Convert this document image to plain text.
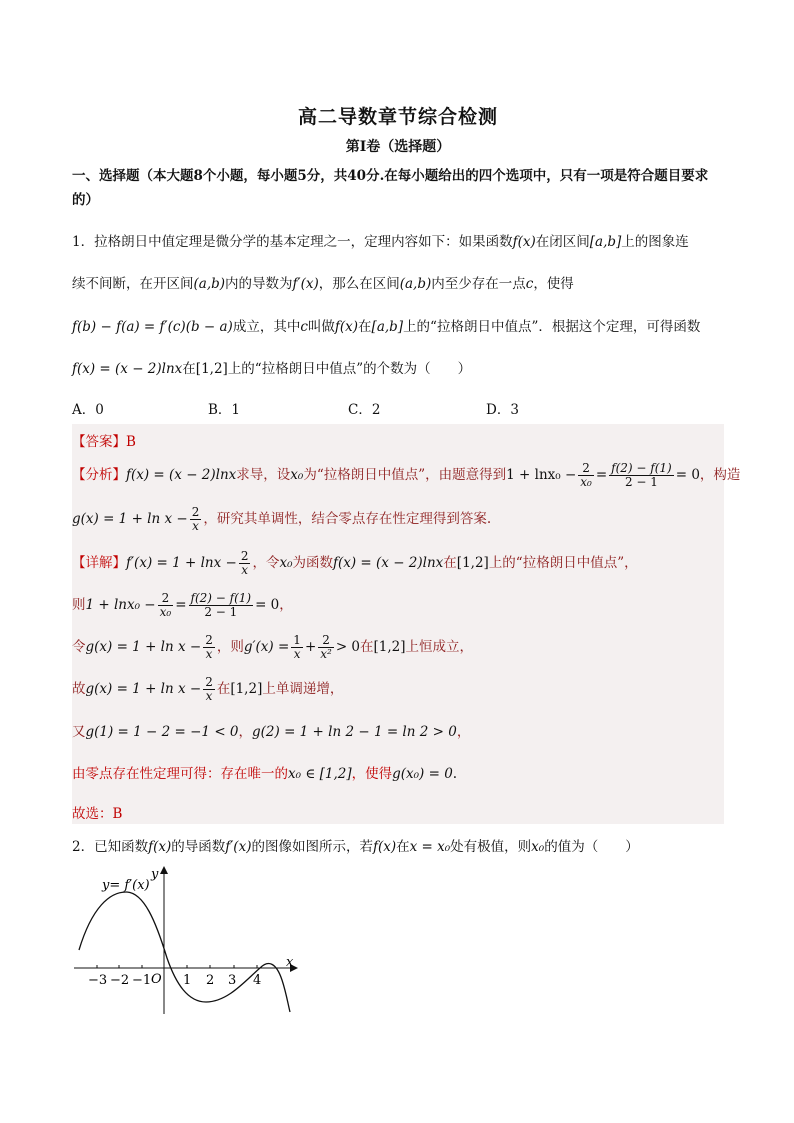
高二导数章节综合检测
第Ⅰ卷（选择题）
一、选择题（本大题8个小题，每小题5分，共40分.在每小题给出的四个选项中，只有一项是符合题目要求的）
1．拉格朗日中值定理是微分学的基本定理之一，定理内容如下：如果函数f(x)在闭区间[a,b]上的图象连
续不间断，在开区间(a,b)内的导数为f′(x)，那么在区间(a,b)内至少存在一点c，使得
f(b) − f(a) = f′(c)(b − a)成立，其中c叫做f(x)在[a,b]上的“拉格朗日中值点”．根据这个定理，可得函数
f(x) = (x − 2)lnx在[1,2]上的“拉格朗日中值点”的个数为（　　）
A．0	B．1	C．2	D．3
【答案】B
【分析】f(x) = (x − 2)lnx求导，设x₀为“拉格朗日中值点”，由题意得到$1 + \ln x_0 - \frac{2}{\text{x₀}} = \frac{f(2) - f(1)}{2 - 1} = 0$，构造
$g(x) = 1 + \ln x - \frac{2}{x}$ ，研究其单调性，结合零点存在性定理得到答案.
【详解】$f'(x) = 1 + \ln x - \frac{2}{x}$ ，令x₀为函数f(x) = (x − 2)lnx在[1,2]上的“拉格朗日中值点”，
则$1 + \ln x_0 - \frac{2}{\text{x₀}} = \frac{f(2) - f(1)}{2 - 1} = 0$，
令$g(x) = 1 + \ln x - \frac{2}{x}$ ，则$g'(x) = \frac{1}{x} + \frac{2}{\text{x²}} > 0$在[1,2]上恒成立，
故$g(x) = 1 + \ln x - \frac{2}{x}$ 在[1,2]上单调递增，
又g(1) = 1 − 2 = −1 < 0，g(2) = 1 + ln 2 − 1 = ln 2 > 0，
由零点存在性定理可得：存在唯一的x₀ ∈ [1,2]，使得g(x₀) = 0.
故选：B
2．已知函数f(x)的导函数f′(x)的图像如图所示，若f(x)在x = x₀处有极值，则x₀的值为（　　）
y= f′(x)
y
x
O
−3 −2 −1 1 2 3 4
